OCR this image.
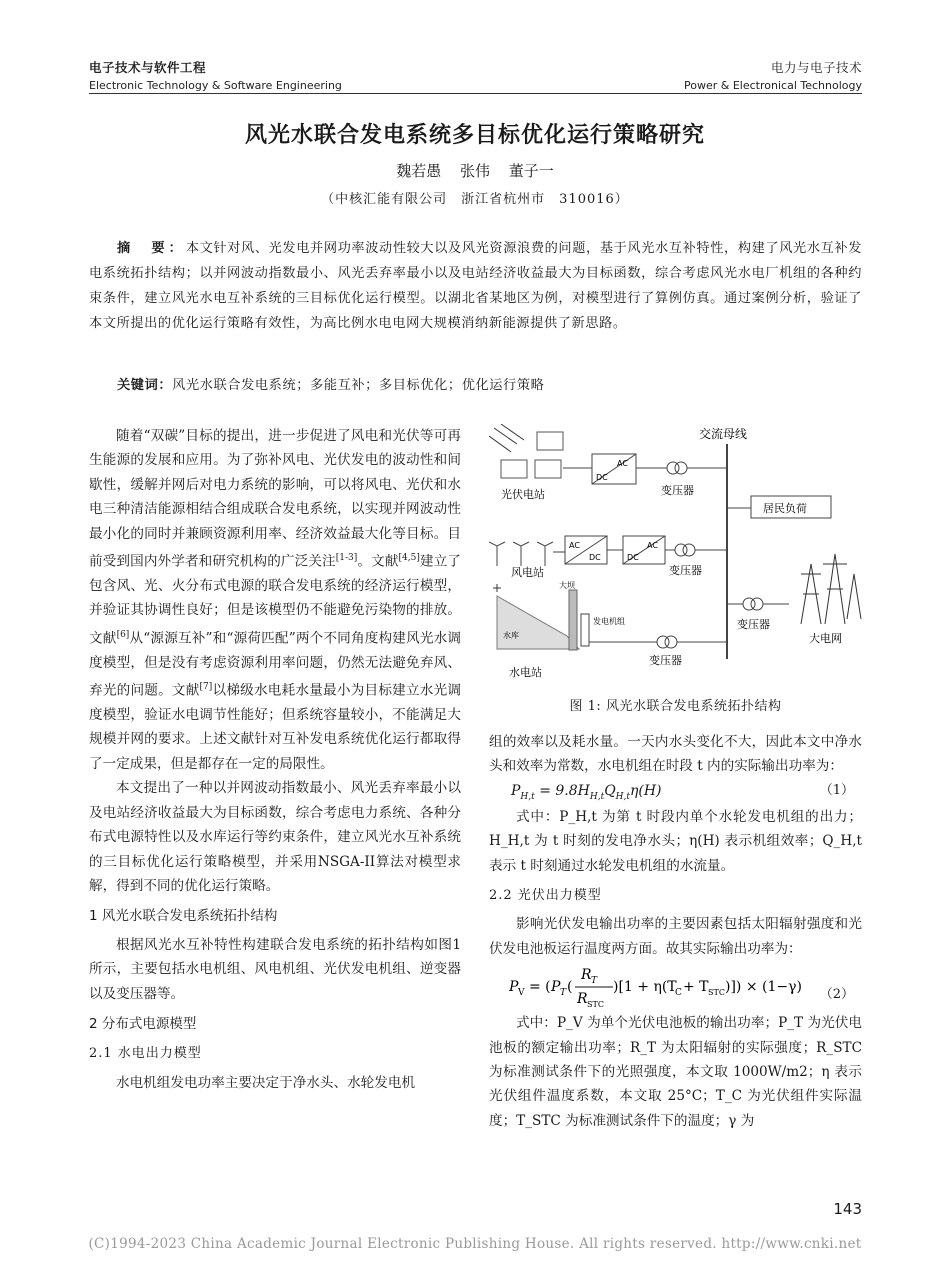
电子技术与软件工程
Electronic Technology & Software Engineering
电力与电子技术
Power & Electronical Technology
风光水联合发电系统多目标优化运行策略研究
魏若愚 张伟 董子一
（中核汇能有限公司　浙江省杭州市　310016）
摘　要：本文针对风、光发电并网功率波动性较大以及风光资源浪费的问题，基于风光水互补特性，构建了风光水互补发电系统拓扑结构；以并网波动指数最小、风光丢弃率最小以及电站经济收益最大为目标函数，综合考虑风光水电厂机组的各种约束条件，建立风光水电互补系统的三目标优化运行模型。以湖北省某地区为例，对模型进行了算例仿真。通过案例分析，验证了本文所提出的优化运行策略有效性，为高比例水电电网大规模消纳新能源提供了新思路。
关键词：风光水联合发电系统；多能互补；多目标优化；优化运行策略

随着“双碳”目标的提出，进一步促进了风电和光伏等可再生能源的发展和应用。为了弥补风电、光伏发电的波动性和间歇性，缓解并网后对电力系统的影响，可以将风电、光伏和水电三种清洁能源相结合组成联合发电系统，以实现并网波动性最小化的同时并兼顾资源利用率、经济效益最大化等目标。目前受到国内外学者和研究机构的广泛关注[1-3]。文献[4,5]建立了包含风、光、火分布式电源的联合发电系统的经济运行模型，并验证其协调性良好；但是该模型仍不能避免污染物的排放。文献[6]从“源源互补”和“源荷匹配”两个不同角度构建风光水调度模型，但是没有考虑资源利用率问题，仍然无法避免弃风、弃光的问题。文献[7]以梯级水电耗水量最小为目标建立水光调度模型，验证水电调节性能好；但系统容量较小，不能满足大规模并网的要求。上述文献针对互补发电系统优化运行都取得了一定成果，但是都存在一定的局限性。

本文提出了一种以并网波动指数最小、风光丢弃率最小以及电站经济收益最大为目标函数，综合考虑电力系统、各种分布式电源特性以及水库运行等约束条件，建立风光水互补系统的三目标优化运行策略模型，并采用NSGA-II算法对模型求解，得到不同的优化运行策略。

1 风光水联合发电系统拓扑结构

根据风光水互补特性构建联合发电系统的拓扑结构如图1所示，主要包括水电机组、风电机组、光伏发电机组、逆变器以及变压器等。

2 分布式电源模型
2.1 水电出力模型

水电机组发电功率主要决定于净水头、水轮发电机

交流母线
光伏电站
AC
DC
变压器
居民负荷
风电站
AC
DC
AC
DC
变压器
变压器
大电网
水库
大坝
发电机组
变压器
水电站
图 1: 风光水联合发电系统拓扑结构

组的效率以及耗水量。一天内水头变化不大，因此本文中净水头和效率为常数，水电机组在时段 t 内的实际输出功率为：

$P_{H,t} = 9.8H_{H,t}Q_{H,t}\eta(H)$	（1）

式中：P_H,t 为第 t 时段内单个水轮发电机组的出力；H_H,t 为 t 时刻的发电净水头；η(H) 表示机组效率；Q_H,t 表示 t 时刻通过水轮发电机组的水流量。

2.2 光伏出力模型

影响光伏发电输出功率的主要因素包括太阳辐射强度和光伏发电池板运行温度两方面。故其实际输出功率为：

P V = ( P T (
R T
R STC
)[1 + η(T
C + T STC )]) × (1−γ) （2）

式中：P_V 为单个光伏电池板的输出功率；P_T 为光伏电池板的额定输出功率；R_T 为太阳辐射的实际强度；R_STC 为标准测试条件下的光照强度，本文取 1000W/m2；η 表示光伏组件温度系数，本文取 25°C；T_C 为光伏组件实际温度；T_STC 为标准测试条件下的温度；γ 为

143
(C)1994-2023 China Academic Journal Electronic Publishing House. All rights reserved. http://www.cnki.net
